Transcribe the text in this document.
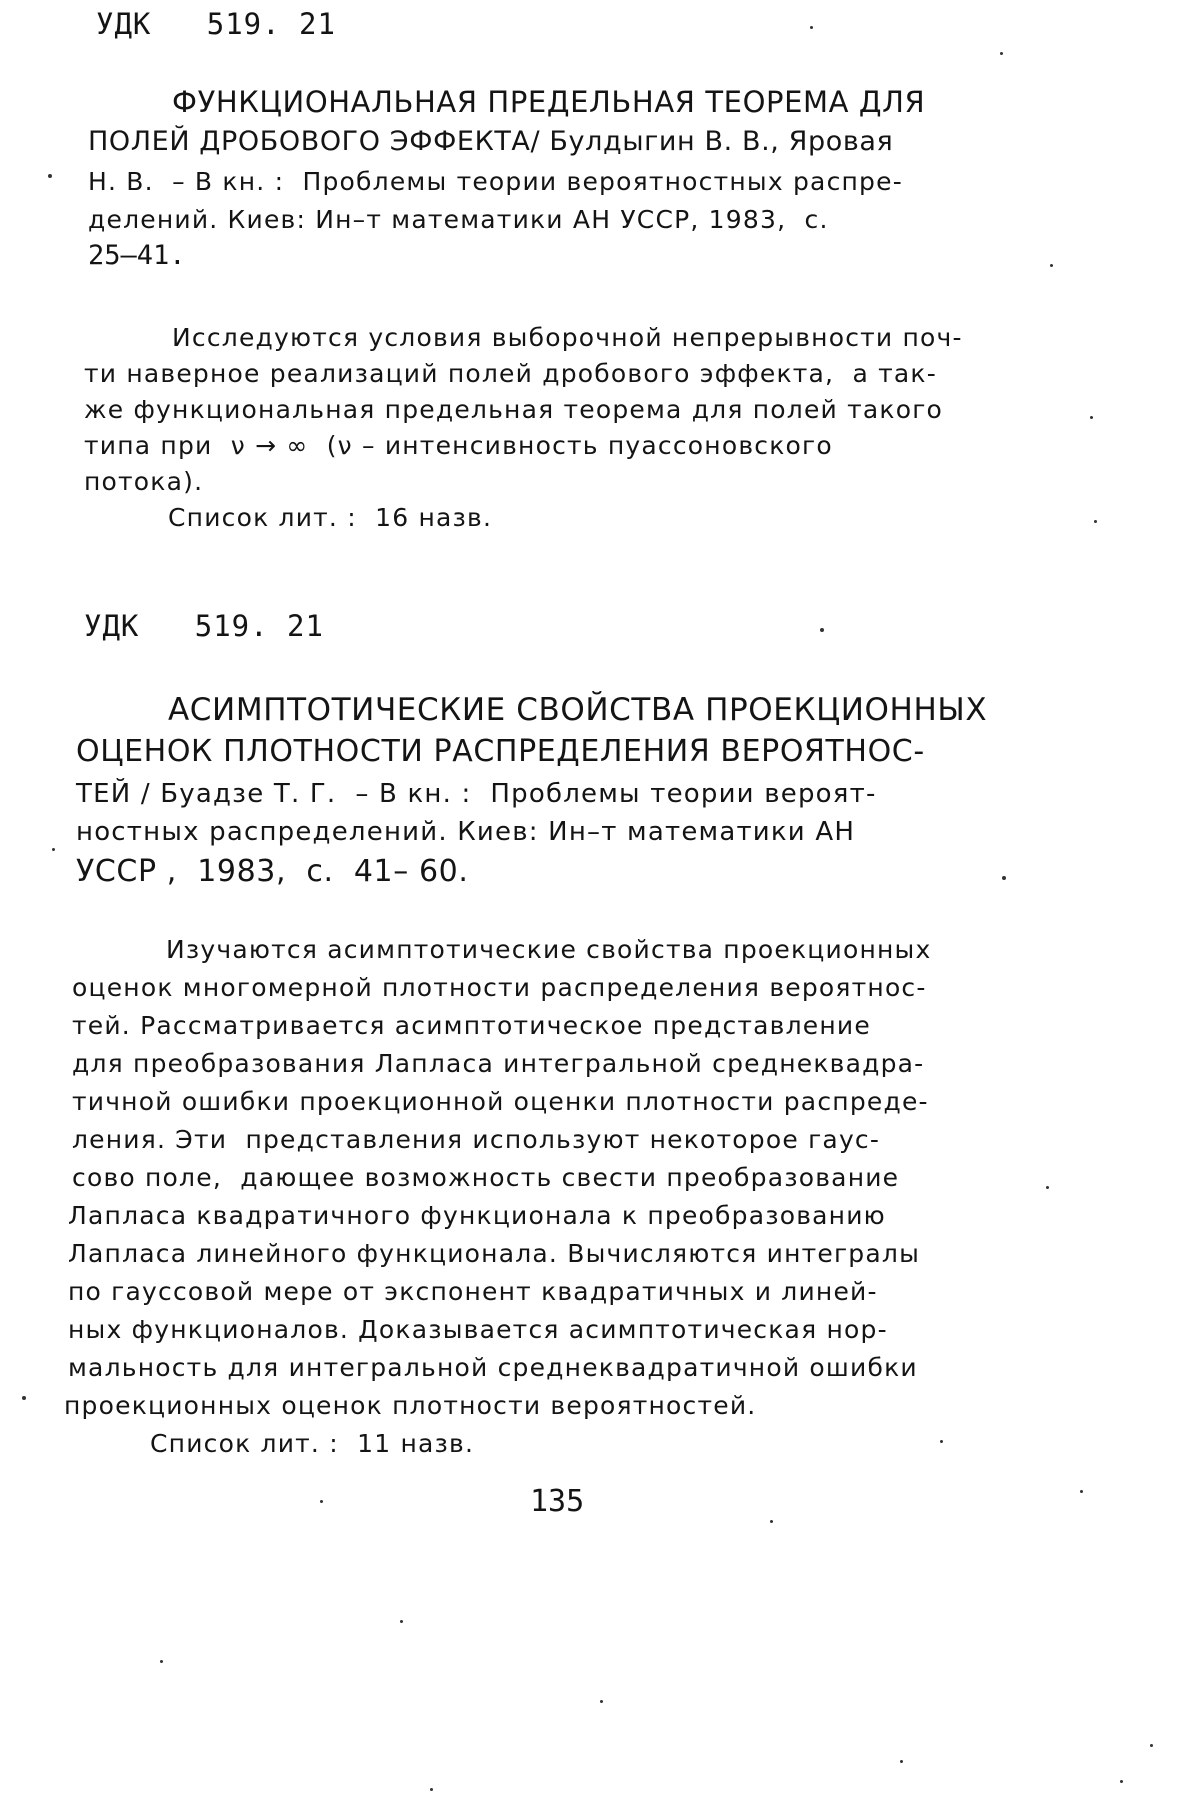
УДК   519. 21
ФУНКЦИОНАЛЬНАЯ ПРЕДЕЛЬНАЯ ТЕОРЕМА ДЛЯ
ПОЛЕЙ ДРОБОВОГО ЭФФЕКТА/ Булдыгин В. В., Яровая
Н. В.  – В кн. :  Проблемы теории вероятностных распре-
делений. Киев: Ин–т математики АН УССР, 1983,  с.
25–41.
Исследуются условия выборочной непрерывности поч-
ти наверное реализаций полей дробового эффекта,  а так-
же функциональная предельная теорема для полей такого
типа при  ν → ∞  (ν – интенсивность пуассоновского
потока).
Список лит. :  16 назв.
УДК   519. 21
АСИМПТОТИЧЕСКИЕ СВОЙСТВА ПРОЕКЦИОННЫХ
ОЦЕНОК ПЛОТНОСТИ РАСПРЕДЕЛЕНИЯ ВЕРОЯТНОС-
ТЕЙ / Буадзе Т. Г.  – В кн. :  Проблемы теории вероят-
ностных распределений. Киев: Ин–т математики АН
УССР ,  1983,  с.  41– 60.
Изучаются асимптотические свойства проекционных
оценок многомерной плотности распределения вероятнос-
тей. Рассматривается асимптотическое представление
для преобразования Лапласа интегральной среднеквадра-
тичной ошибки проекционной оценки плотности распреде-
ления. Эти  представления используют некоторое гаус-
сово поле,  дающее возможность свести преобразование
Лапласа квадратичного функционала к преобразованию
Лапласа линейного функционала. Вычисляются интегралы
по гауссовой мере от экспонент квадратичных и линей-
ных функционалов. Доказывается асимптотическая нор-
мальность для интегральной среднеквадратичной ошибки
проекционных оценок плотности вероятностей.
Список лит. :  11 назв.
135
